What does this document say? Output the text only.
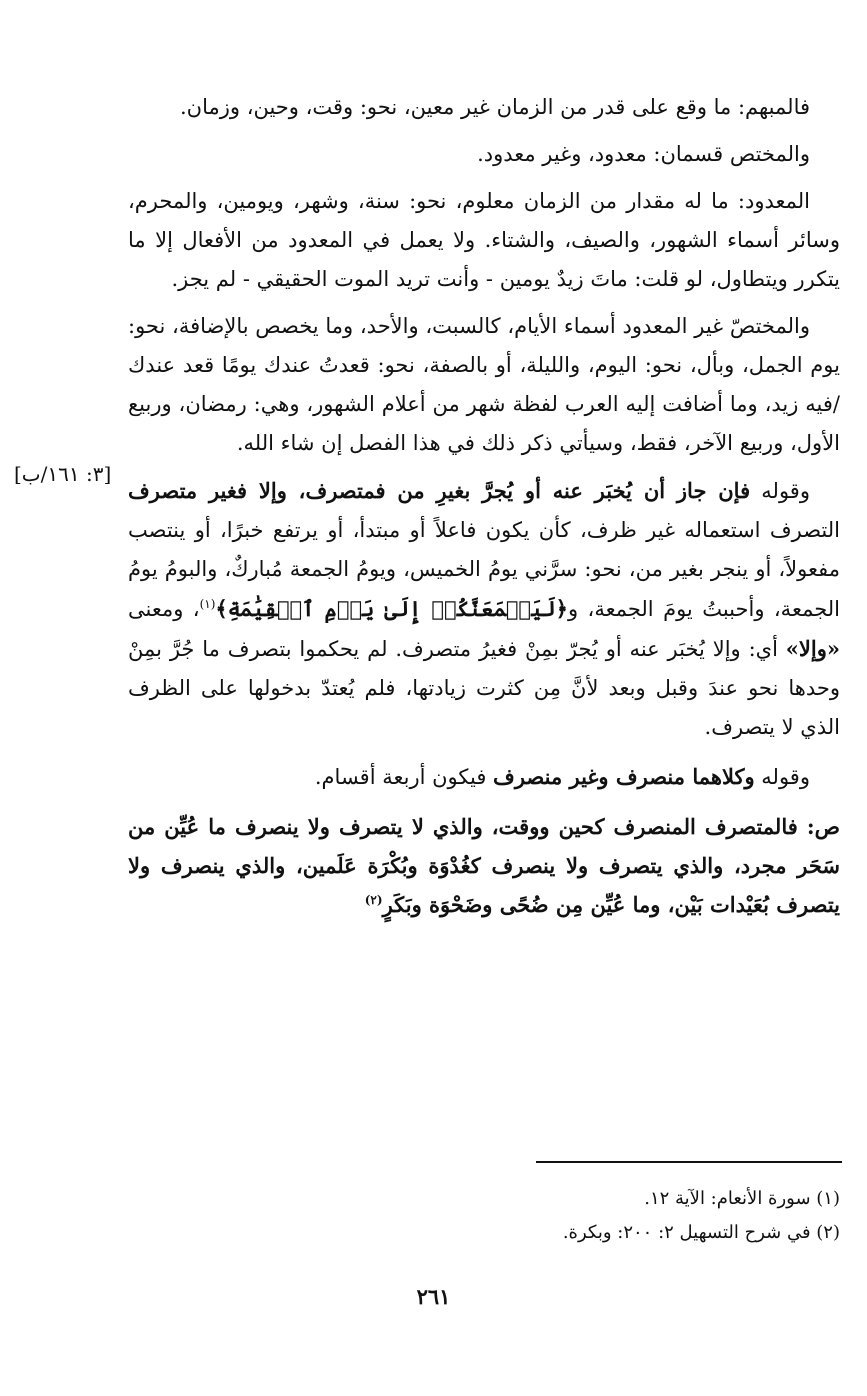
فالمبهم: ما وقع على قدر من الزمان غير معين، نحو: وقت، وحين، وزمان.

والمختص قسمان: معدود، وغير معدود.

المعدود: ما له مقدار من الزمان معلوم، نحو: سنة، وشهر، ويومين، والمحرم، وسائر أسماء الشهور، والصيف، والشتاء. ولا يعمل في المعدود من الأفعال إلا ما يتكرر ويتطاول، لو قلت: ماتَ زيدٌ يومين - وأنت تريد الموت الحقيقي - لم يجز.

والمختصّ غير المعدود أسماء الأيام، كالسبت، والأحد، وما يخصص بالإضافة، نحو: يوم الجمل، وبأل، نحو: اليوم، والليلة، أو بالصفة، نحو: قعدتُ عندك يومًا قعد عندك /فيه زيد، وما أضافت إليه العرب لفظة شهر من أعلام الشهور، وهي: رمضان، وربيع الأول، وربيع الآخر، فقط، وسيأتي ذكر ذلك في هذا الفصل إن شاء الله.

وقوله فإن جاز أن يُخبَر عنه أو يُجرَّ بغيرِ من فمتصرف، وإلا فغير متصرف التصرف استعماله غير ظرف، كأن يكون فاعلاً أو مبتدأ، أو يرتفع خبرًا، أو ينتصب مفعولاً، أو ينجر بغير من، نحو: سرَّني يومُ الخميس، ويومُ الجمعة مُباركٌ، والبومُ يومُ الجمعة، وأحببتُ يومَ الجمعة، و﴿لَيَجۡمَعَنَّكُمۡ إِلَىٰ يَوۡمِ ٱلۡقِيَٰمَةِ﴾$^{(١)}$، ومعنى «وإلا» أي: وإلا يُخبَر عنه أو يُجرّ بمِنْ فغيرُ متصرف. لم يحكموا بتصرف ما جُرَّ بمِنْ وحدها نحو عندَ وقبل وبعد لأنَّ مِن كثرت زيادتها، فلم يُعتدّ بدخولها على الظرف الذي لا يتصرف.

وقوله وكلاهما منصرف وغير منصرف فيكون أربعة أقسام.

ص: فالمتصرف المنصرف كحين ووقت، والذي لا يتصرف ولا ينصرف ما عُيِّن من سَحَر مجرد، والذي يتصرف ولا ينصرف كغُدْوَة وبُكْرَة عَلَمين، والذي ينصرف ولا يتصرف بُعَيْدات بَيْن، وما عُيِّن مِن ضُحًى وضَحْوَة وبَكَرٍ$^{(٢)}$

[٣: ١٦١/ب]

(١) سورة الأنعام: الآية ١٢.

(٢) في شرح التسهيل ٢: ٢٠٠: وبكرة.

٢٦١
